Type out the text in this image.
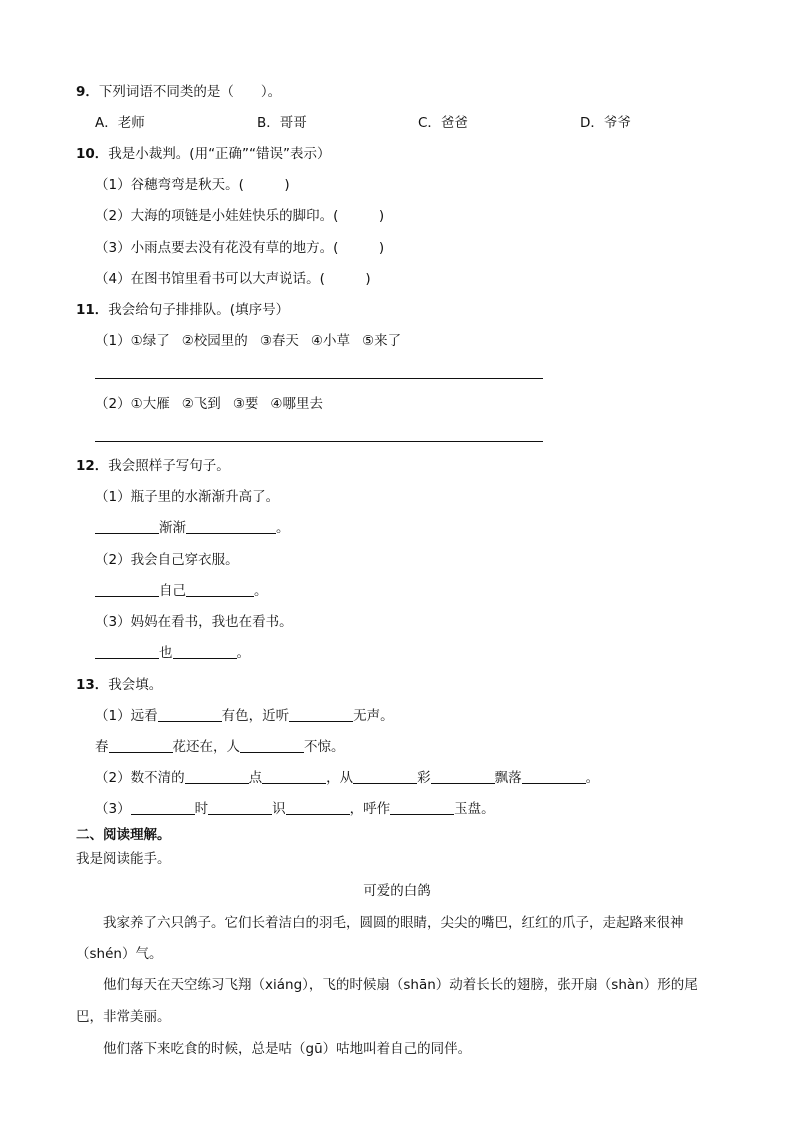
9．下列词语不同类的是（　　）。
A．老师	B．哥哥	C．爸爸	D．爷爷
10．我是小裁判。(用“正确”“错误”表示）
（1）谷穗弯弯是秋天。(　　　)
（2）大海的项链是小娃娃快乐的脚印。(　　　)
（3）小雨点要去没有花没有草的地方。(　　　)
（4）在图书馆里看书可以大声说话。(　　　)
11．我会给句子排排队。(填序号）
（1）①绿了 ②校园里的 ③春天 ④小草 ⑤来了
（2）①大雁 ②飞到 ③要 ④哪里去
12．我会照样子写句子。
（1）瓶子里的水渐渐升高了。
渐渐	。
（2）我会自己穿衣服。
自己	。
（3）妈妈在看书，我也在看书。
也	。
13．我会填。
（1）远看	有色，近听	无声。
春	花还在，人	不惊。
（2）数不清的	点	，从	彩	飘落	。
（3）	时	识	，呼作	玉盘。
二、阅读理解。
我是阅读能手。
可爱的白鸽
我家养了六只鸽子。它们长着洁白的羽毛，圆圆的眼睛，尖尖的嘴巴，红红的爪子，走起路来很神
（shén）气。
他们每天在天空练习飞翔（xiáng），飞的时候扇（shān）动着长长的翅膀，张开扇（shàn）形的尾
巴，非常美丽。
他们落下来吃食的时候，总是咕（gū）咕地叫着自己的同伴。
